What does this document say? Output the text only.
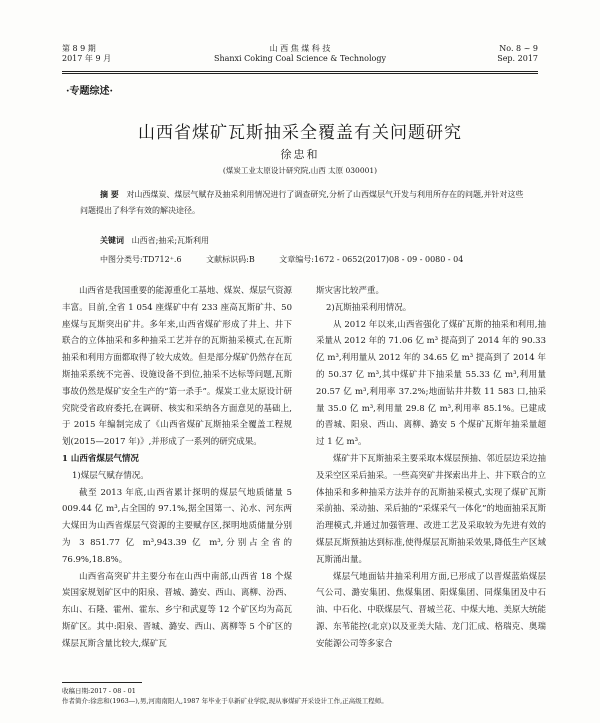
第 8 9 期
2017 年 9 月
山 西 焦 煤 科 技
Shanxi Coking Coal Science & Technology
No. 8 ~ 9
Sep. 2017
·专题综述·
山西省煤矿瓦斯抽采全覆盖有关问题研究
徐忠和
(煤炭工业太原设计研究院,山西 太原 030001)
摘 要 对山西煤炭、煤层气赋存及抽采利用情况进行了调查研究,分析了山西煤层气开发与利用所存在的问题,并针对这些问题提出了科学有效的解决途径。
关键词 山西省;抽采;瓦斯利用
中图分类号:TD712⁺.6	文献标识码:B	文章编号:1672 - 0652(2017)08 - 09 - 0080 - 04

山西省是我国重要的能源重化工基地、煤炭、煤层气资源丰富。目前,全省 1 054 座煤矿中有 233 座高瓦斯矿井、50 座煤与瓦斯突出矿井。多年来,山西省煤矿形成了井上、井下联合的立体抽采和多种抽采工艺并存的瓦斯抽采模式,在瓦斯抽采和利用方面都取得了较大成效。但是部分煤矿仍然存在瓦斯抽采系统不完善、设施设备不到位,抽采不达标等问题,瓦斯事故仍然是煤矿安全生产的“第一杀手”。煤炭工业太原设计研究院受省政府委托,在调研、核实和采纳各方面意见的基础上,于 2015 年编制完成了《山西省煤矿瓦斯抽采全覆盖工程规划(2015—2017 年)》,并形成了一系列的研究成果。

1 山西省煤层气情况

1)煤层气赋存情况。

截至 2013 年底,山西省累计探明的煤层气地质储量 5 009.44 亿 m³,占全国的 97.1%,据全国第一、沁水、河东两大煤田为山西省煤层气资源的主要赋存区,探明地质储量分别为 3 851.77 亿 m³,943.39 亿 m³,分别占全省的 76.9%,18.8%。

山西省高突矿井主要分布在山西中南部,山西省 18 个煤炭国家规划矿区中的阳泉、晋城、潞安、西山、离柳、汾西、东山、石隆、霍州、霍东、乡宁和武夏等 12 个矿区均为高瓦斯矿区。其中:阳泉、晋城、潞安、西山、离柳等 5 个矿区的煤层瓦斯含量比较大,煤矿瓦

斯灾害比较严重。

2)瓦斯抽采利用情况。

从 2012 年以来,山西省强化了煤矿瓦斯的抽采和利用,抽采量从 2012 年的 71.06 亿 m³ 提高到了 2014 年的 90.33 亿 m³,利用量从 2012 年的 34.65 亿 m³ 提高到了 2014 年的 50.37 亿 m³,其中煤矿井下抽采量 55.33 亿 m³,利用量 20.57 亿 m³,利用率 37.2%;地面钻井井数 11 583 口,抽采量 35.0 亿 m³,利用量 29.8 亿 m³,利用率 85.1%。已建成的晋城、阳泉、西山、离柳、潞安 5 个煤矿瓦斯年抽采量超过 1 亿 m³。

煤矿井下瓦斯抽采主要采取本煤层预抽、邻近层边采边抽及采空区采后抽采。一些高突矿井探索出井上、井下联合的立体抽采和多种抽采方法并存的瓦斯抽采模式,实现了煤矿瓦斯采前抽、采动抽、采后抽的“采煤采气一体化”的地面抽采瓦斯治理模式,并通过加强管理、改进工艺及采取较为先进有效的煤层瓦斯预抽达到标准,使得煤层瓦斯抽采效果,降低生产区域瓦斯涌出量。

煤层气地面钻井抽采利用方面,已形成了以晋煤蓝焰煤层气公司、潞安集团、焦煤集团、阳煤集团、同煤集团及中石油、中石化、中联煤层气、晋城兰花、中煤大地、美原大统能源、东苇能控(北京)以及亚美大陆、龙门汇成、格瑞克、奥瑞安能源公司等多家合

收稿日期:2017 - 08 - 01
作者简介:徐忠和(1963—),男,河南南阳人,1987 年毕业于阜新矿业学院,现从事煤矿开采设计工作,正高级工程师。
